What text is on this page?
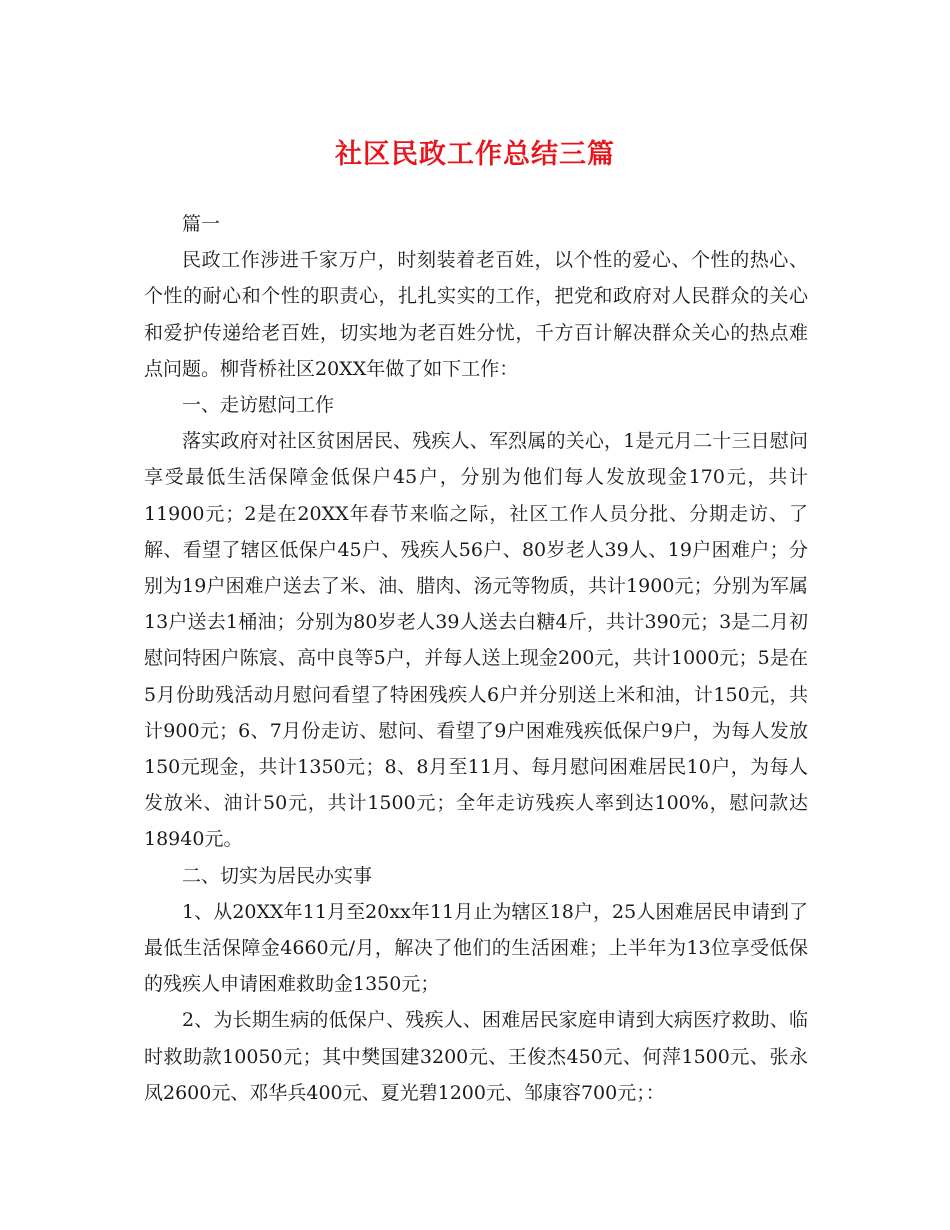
社区民政工作总结三篇

篇一

民政工作涉进千家万户，时刻装着老百姓，以个性的爱心、个性的热心、个性的耐心和个性的职责心，扎扎实实的工作，把党和政府对人民群众的关心和爱护传递给老百姓，切实地为老百姓分忧，千方百计解决群众关心的热点难点问题。柳背桥社区20XX年做了如下工作：

一、走访慰问工作

落实政府对社区贫困居民、残疾人、军烈属的关心，1是元月二十三日慰问享受最低生活保障金低保户45户，分别为他们每人发放现金170元，共计11900元；2是在20XX年春节来临之际，社区工作人员分批、分期走访、了解、看望了辖区低保户45户、残疾人56户、80岁老人39人、19户困难户；分别为19户困难户送去了米、油、腊肉、汤元等物质，共计1900元；分别为军属13户送去1桶油；分别为80岁老人39人送去白糖4斤，共计390元；3是二月初慰问特困户陈宸、高中良等5户，并每人送上现金200元，共计1000元；5是在5月份助残活动月慰问看望了特困残疾人6户并分别送上米和油，计150元，共计900元；6、7月份走访、慰问、看望了9户困难残疾低保户9户，为每人发放150元现金，共计1350元；8、8月至11月、每月慰问困难居民10户，为每人发放米、油计50元，共计1500元；全年走访残疾人率到达100%，慰问款达18940元。

二、切实为居民办实事

1、从20XX年11月至20xx年11月止为辖区18户，25人困难居民申请到了最低生活保障金4660元/月，解决了他们的生活困难；上半年为13位享受低保的残疾人申请困难救助金1350元；

2、为长期生病的低保户、残疾人、困难居民家庭申请到大病医疗救助、临时救助款10050元；其中樊国建3200元、王俊杰450元、何萍1500元、张永凤2600元、邓华兵400元、夏光碧1200元、邹康容700元；：
